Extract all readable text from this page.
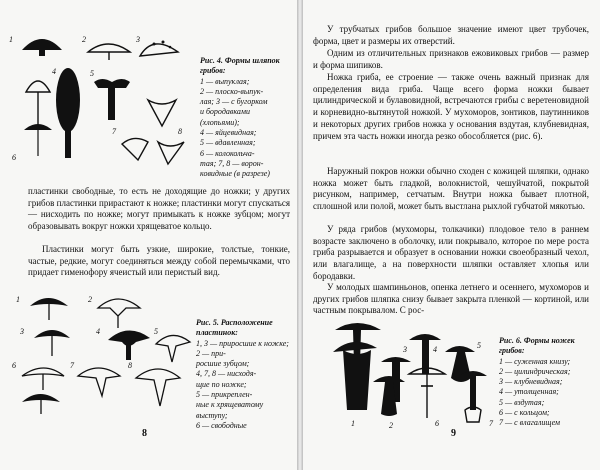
1	2	3
4	5
6
7	8
Рис. 4. Формы шляпок грибов:
1 — выпуклая;
2 — плоско-выпук-
лая; 3 — с бугорком
и бородавками
(хлопьями);
4 — яйцевидная;
5 — вдавленная;
6 — колокольча-
тая; 7, 8 — ворон-
ковидные (в разрезе)

пластинки свободные, то есть не доходящие до ножки; у других грибов пластинки прирастают к ножке; пластинки могут спускаться — нисходить по ножке; могут примыкать к ножке зубцом; могут образовывать вокруг ножки хрящеватое кольцо.

Пластинки могут быть узкие, широкие, толстые, тонкие, частые, редкие, могут соединяться между собой перемычками, что придает гименофору ячеистый или перистый вид.

1	2
3	4	5
6	7	8
Рис. 5. Расположение пластинок:
1, 3 — приросшие к ножке; 2 — при-
росшие зубцом;
4, 7, 8 — нисходя-
щие по ножке;
5 — прикреплен-
ные к хрящеватому
выступу;
6 — свободные
8

У трубчатых грибов большое значение имеют цвет трубочек, форма, цвет и размеры их отверстий.

Одним из отличительных признаков ежовиковых грибов — размер и форма шипиков.

Ножка гриба, ее строение — также очень важный признак для определения вида гриба. Чаще всего форма ножки бывает цилиндрической и булавовидной, встречаются грибы с веретеновидной и корневидно-вытянутой ножкой. У мухоморов, зонтиков, паутинников и некоторых других грибов ножка у основания вздутая, клубневидная, причем эта часть ножки иногда резко обособляется (рис. 6).

Наружный покров ножки обычно сходен с кожицей шляпки, однако ножка может быть гладкой, волокнистой, чешуйчатой, покрытой рисунком, например, сетчатым. Внутри ножка бывает плотной, сплошной или полой, может быть выстлана рыхлой губчатой мякотью.

У ряда грибов (мухоморы, толкачики) плодовое тело в раннем возрасте заключено в оболочку, или покрывало, которое по мере роста гриба разрывается и образует в основании ножки своеобразный чехол, или влагалище, а на поверхности шляпки оставляет хлопья или бородавки.

У молодых шампиньонов, опенка летнего и осеннего, мухоморов и других грибов шляпка снизу бывает закрыта пленкой — кортиной, или частным покрывалом. С рос-

1	2
3	4	5
6	7
Рис. 6. Формы ножек грибов:
1 — суженная книзу;
2 — цилиндрическая;
3 — клубневидная;
4 — утолщенная;
5 — вздутая;
6 — с кольцом;
7 — с влагалищем
9
